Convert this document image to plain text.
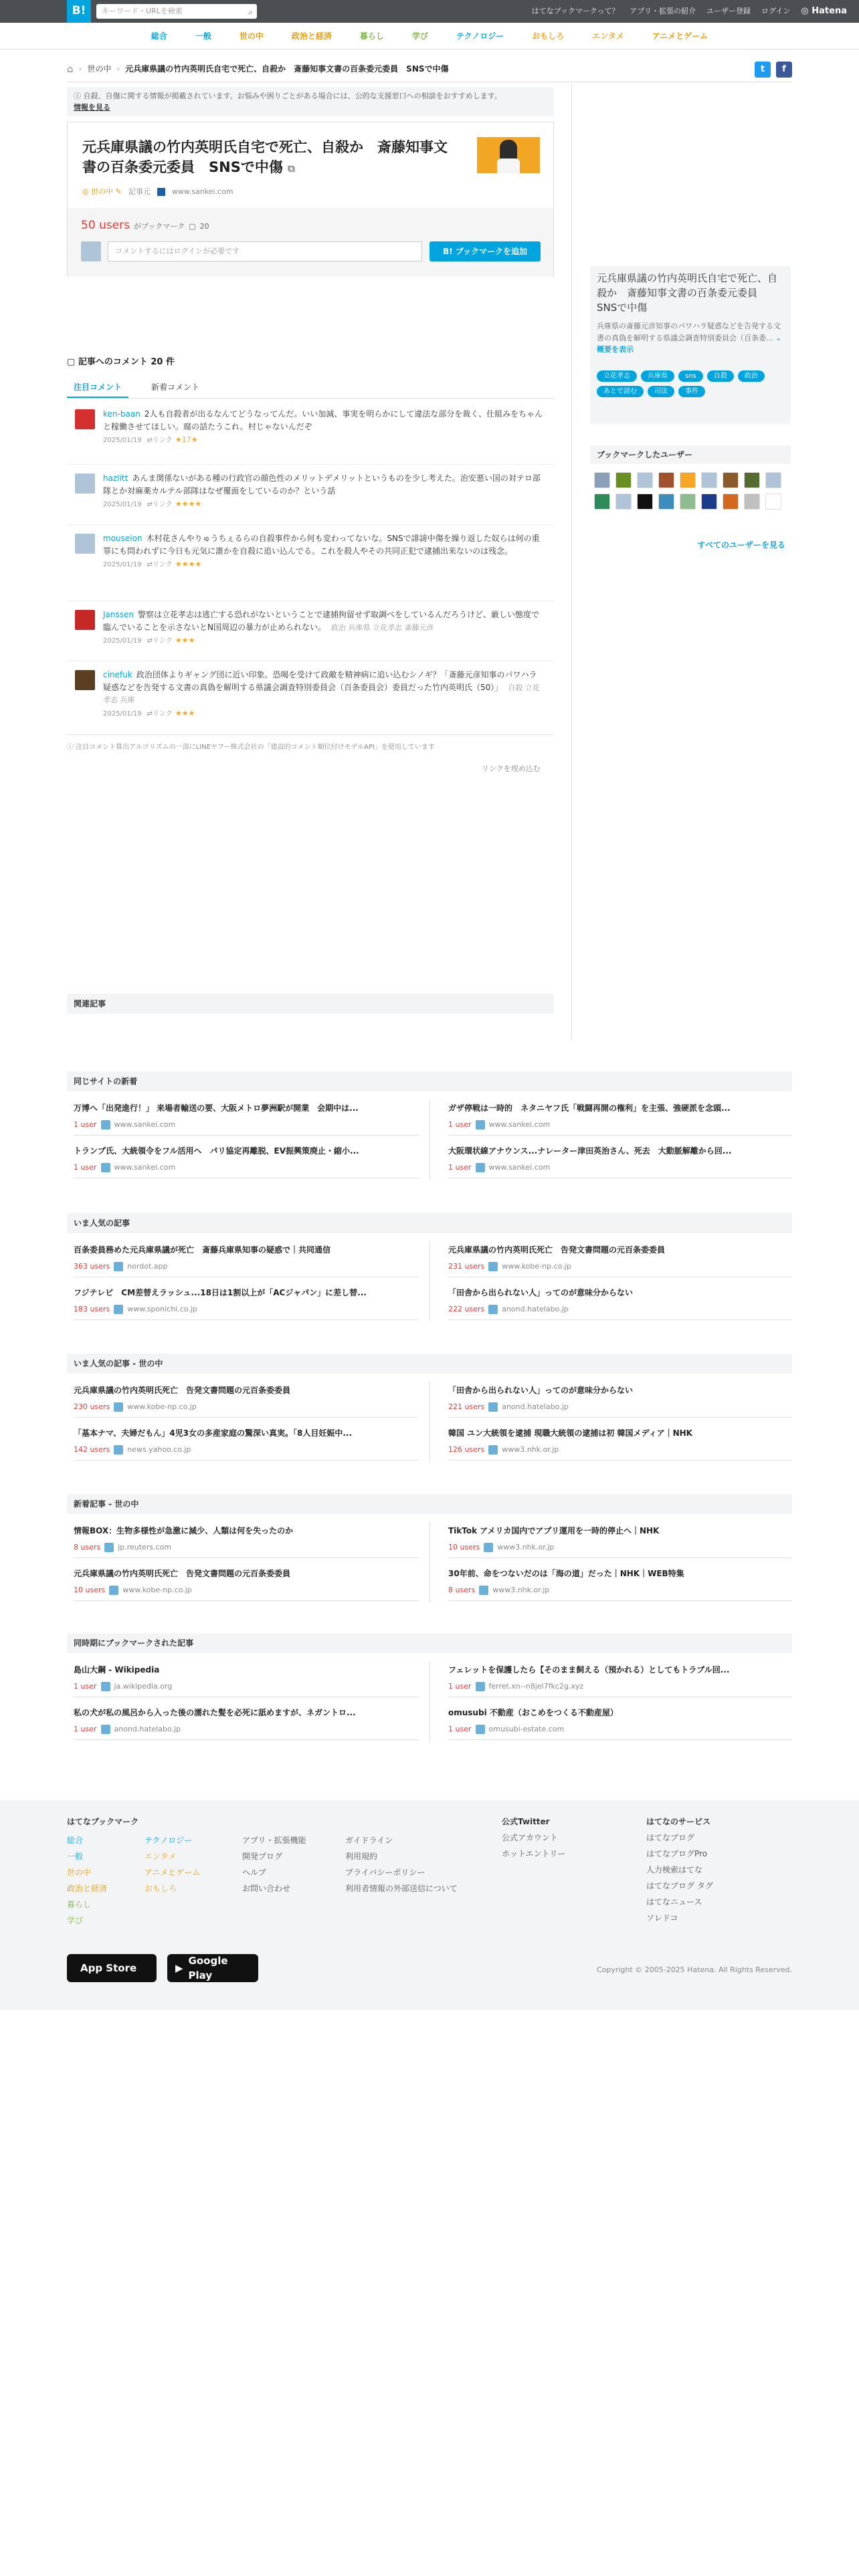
B!	キーワード・URLを検索	⌕	はてなブックマークって？ アプリ・拡張の紹介 ユーザー登録 ログイン ◎ Hatena
総合	一般	世の中	政治と経済	暮らし	学び	テクノロジー	おもしろ	エンタメ	アニメとゲーム
⌂ › 世の中 › 元兵庫県議の竹内英明氏自宅で死亡、自殺か　斎藤知事文書の百条委元委員　SNSで中傷	t	f
ⓘ 自殺、自傷に関する情報が掲載されています。お悩みや困りごとがある場合には、公的な支援窓口への相談をおすすめします。
情報を見る
元兵庫県議の竹内英明氏自宅で死亡、自殺か　斎藤知事文書の百条委元委員　SNSで中傷 ⧉
◎ 世の中 ✎ 記事元	www.sankei.com
50 users がブックマーク ▢ 20
コメントするにはログインが必要です	B! ブックマークを追加
▢ 記事へのコメント 20 件
注目コメント	新着コメント
ken-baan 2人も自殺者が出るなんてどうなってんだ。いい加減、事実を明らかにして違法な部分を裁く、仕組みをちゃんと稼働させてほしい。腐の話たうこれ。村じゃないんだぞ
2025/01/19 ⇄リンク ★17★
hazlitt あんま関係ないがある種の行政官の顔色性のメリットデメリットというものを少し考えた。治安悪い国の対テロ部隊とか対麻薬カルテル部隊はなぜ覆面をしているのか？という話
2025/01/19 ⇄リンク ★★★★
mouseion 木村花さんやりゅうちぇるらの自殺事件から何も変わってないな。SNSで誹謗中傷を繰り返した奴らは何の重罪にも問われずに今日も元気に誰かを自殺に追い込んでる。これを殺人やその共同正犯で逮捕出来ないのは残念。
2025/01/19 ⇄リンク ★★★★
Janssen 警察は立花孝志は逃亡する恐れがないということで逮捕拘留せず取調べをしているんだろうけど、厳しい態度で臨んでいることを示さないとN国周辺の暴力が止められない。 政治 兵庫県 立花孝志 斎藤元彦
2025/01/19 ⇄リンク ★★★
cinefuk 政治団体よりギャング団に近い印象。恐喝を受けて政敵を精神病に追い込むシノギ？「斎藤元彦知事のパワハラ疑惑などを告発する文書の真偽を解明する県議会調査特別委員会（百条委員会）委員だった竹内英明氏（50）」 自殺 立花孝志 兵庫
2025/01/19 ⇄リンク ★★★
ⓘ 注目コメント算出アルゴリズムの一部にLINEヤフー株式会社の「建設的コメント順位付けモデルAPI」を使用しています
リンクを埋め込む
関連記事
元兵庫県議の竹内英明氏自宅で死亡、自殺か　斎藤知事文書の百条委元委員　SNSで中傷
兵庫県の斎藤元彦知事のパワハラ疑惑などを告発する文書の真偽を解明する県議会調査特別委員会（百条委... ⌄ 概要を表示
立花孝志	兵庫県	sns	自殺	政治
あとで読む	司法	事件
ブックマークしたユーザー
すべてのユーザーを見る
同じサイトの新着
万博へ「出発進行！」 来場者輸送の要、大阪メトロ夢洲駅が開業　会期中は...
1 user www.sankei.com
ガザ停戦は一時的　ネタニヤフ氏「戦闘再開の権利」を主張、強硬派を念頭...
1 user www.sankei.com
トランプ氏、大統領令をフル活用へ　パリ協定再離脱、EV振興策廃止・縮小...
1 user www.sankei.com
大阪環状線アナウンス...ナレーター津田英治さん、死去　大動脈解離から回...
1 user www.sankei.com
いま人気の記事
百条委員務めた元兵庫県議が死亡　斎藤兵庫県知事の疑惑で｜共同通信
363 users nordot.app
元兵庫県議の竹内英明氏死亡　告発文書問題の元百条委委員
231 users www.kobe-np.co.jp
フジテレビ　CM差替えラッシュ...18日は1割以上が「ACジャパン」に差し替...
183 users www.sponichi.co.jp
「田舎から出られない人」ってのが意味分からない
222 users anond.hatelabo.jp
いま人気の記事 - 世の中
元兵庫県議の竹内英明氏死亡　告発文書問題の元百条委委員
230 users www.kobe-np.co.jp
「田舎から出られない人」ってのが意味分からない
221 users anond.hatelabo.jp
「基本ナマ、夫婦だもん」4児3女の多産家庭の驚深い真実。「8人目妊娠中...
142 users news.yahoo.co.jp
韓国 ユン大統領を逮捕 現職大統領の逮捕は初 韓国メディア｜NHK
126 users www3.nhk.or.jp
新着記事 - 世の中
情報BOX：生物多様性が急激に減少、人類は何を失ったのか
8 users jp.reuters.com
TikTok アメリカ国内でアプリ運用を一時的停止へ｜NHK
10 users www3.nhk.or.jp
元兵庫県議の竹内英明氏死亡　告発文書問題の元百条委委員
10 users www.kobe-np.co.jp
30年前、命をつないだのは「海の道」だった｜NHK｜WEB特集
8 users www3.nhk.or.jp
同時期にブックマークされた記事
島山大鋼 - Wikipedia
1 user ja.wikipedia.org
フェレットを保護したら【そのまま飼える（預かれる）としてもトラブル回...
1 user ferret.xn--n8jel7fkc2g.xyz
私の犬が私の風呂から入った後の濡れた髪を必死に舐めますが、ネガントロ...
1 user anond.hatelabo.jp
omusubi 不動産（おこめをつくる不動産屋）
1 user omusubi-estate.com
はてなブックマーク
総合
一般
世の中
政治と経済
暮らし
学び
テクノロジー
エンタメ
アニメとゲーム
おもしろ
アプリ・拡張機能
開発ブログ
ヘルプ
お問い合わせ
ガイドライン
利用規約
プライバシーポリシー
利用者情報の外部送信について
公式Twitter
公式アカウント
ホットエントリー
はてなのサービス
はてなブログ
はてなブログPro
人力検索はてな
はてなブログ タグ
はてなニュース
ソレドコ
App Store	▶
Google Play	Copyright © 2005-2025 Hatena. All Rights Reserved.
